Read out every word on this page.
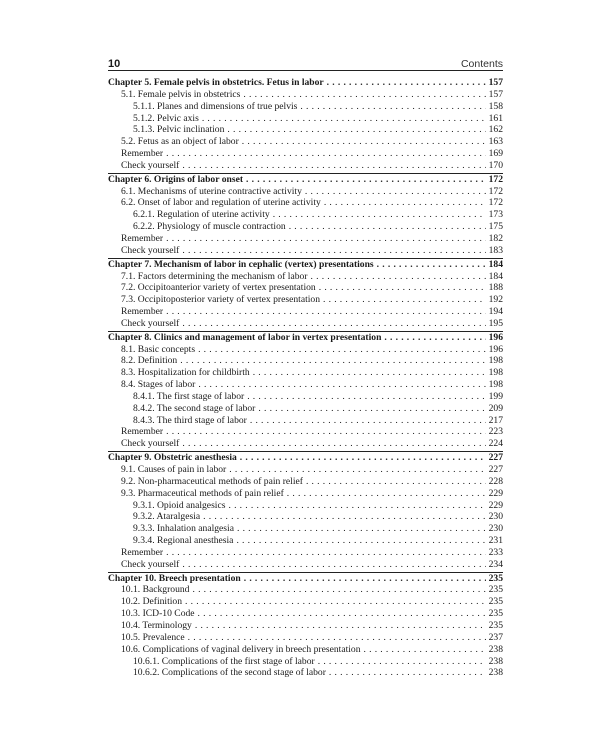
10	Contents
Chapter 5. Female pelvis in obstetrics. Fetus in labor . . .	157
5.1. Female pelvis in obstetrics . . .	157
5.1.1. Planes and dimensions of true pelvis . . .	158
5.1.2. Pelvic axis . . .	161
5.1.3. Pelvic inclination . . .	162
5.2. Fetus as an object of labor . . .	163
Remember . . .	169
Check yourself . . .	170
Chapter 6. Origins of labor onset . . .	172
6.1. Mechanisms of uterine contractive activity . . .	172
6.2. Onset of labor and regulation of uterine activity . . .	172
6.2.1. Regulation of uterine activity . . .	173
6.2.2. Physiology of muscle contraction . . .	175
Remember . . .	182
Check yourself . . .	183
Chapter 7. Mechanism of labor in cephalic (vertex) presentations . . .	184
7.1. Factors determining the mechanism of labor . . .	184
7.2. Occipitoanterior variety of vertex presentation . . .	188
7.3. Occipitoposterior variety of vertex presentation . . .	192
Remember . . .	194
Check yourself . . .	195
Chapter 8. Clinics and management of labor in vertex presentation . . .	196
8.1. Basic concepts . . .	196
8.2. Definition . . .	198
8.3. Hospitalization for childbirth . . .	198
8.4. Stages of labor . . .	198
8.4.1. The first stage of labor . . .	199
8.4.2. The second stage of labor . . .	209
8.4.3. The third stage of labor . . .	217
Remember . . .	223
Check yourself . . .	224
Chapter 9. Obstetric anesthesia . . .	227
9.1. Causes of pain in labor . . .	227
9.2. Non-pharmaceutical methods of pain relief . . .	228
9.3. Pharmaceutical methods of pain relief . . .	229
9.3.1. Opioid analgesics . . .	229
9.3.2. Ataralgesia . . .	230
9.3.3. Inhalation analgesia . . .	230
9.3.4. Regional anesthesia . . .	231
Remember . . .	233
Check yourself . . .	234
Chapter 10. Breech presentation . . .	235
10.1. Background . . .	235
10.2. Definition . . .	235
10.3. ICD-10 Code . . .	235
10.4. Terminology . . .	235
10.5. Prevalence . . .	237
10.6. Complications of vaginal delivery in breech presentation . . .	238
10.6.1. Complications of the first stage of labor . . .	238
10.6.2. Complications of the second stage of labor . . .	238
